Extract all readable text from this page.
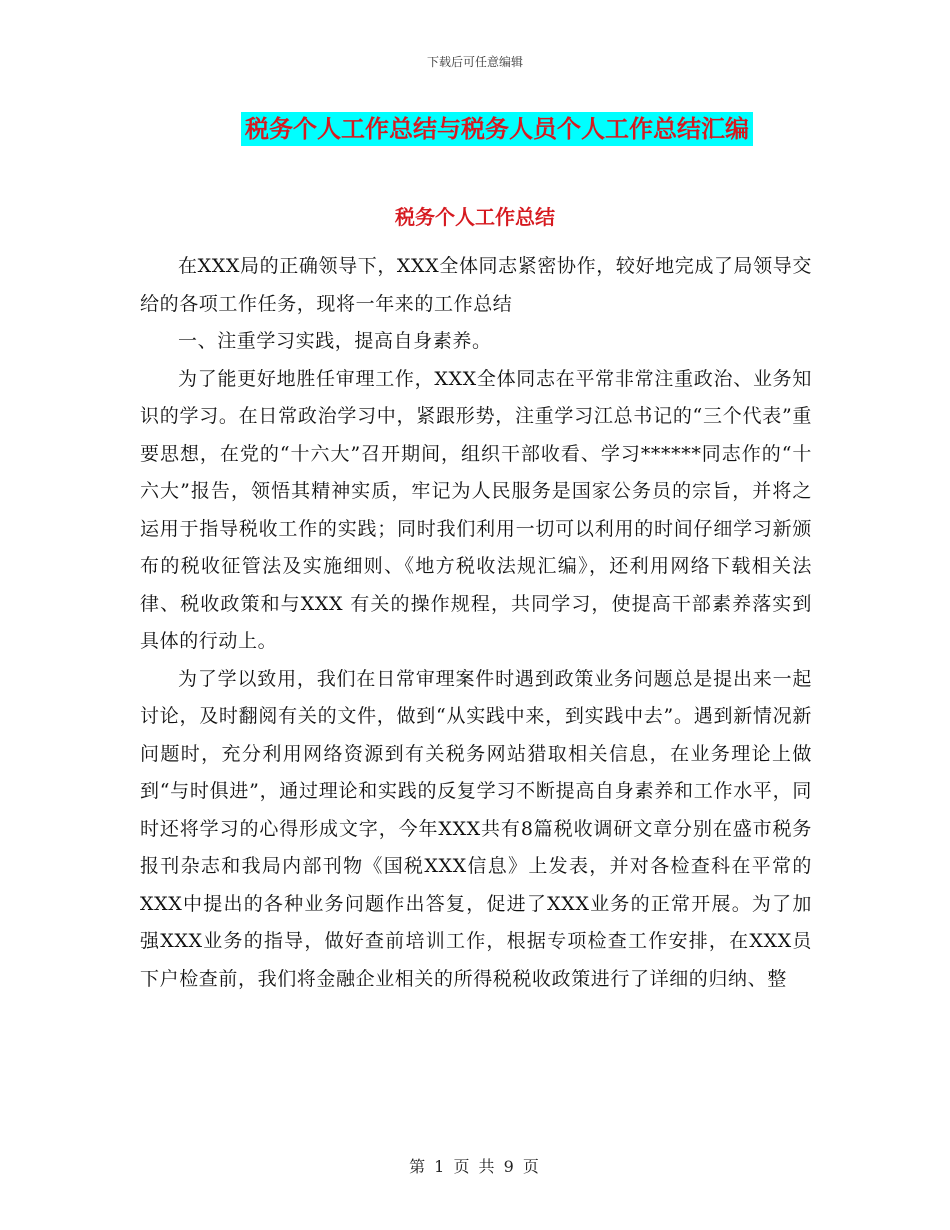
下载后可任意编辑
税务个人工作总结与税务人员个人工作总结汇编
税务个人工作总结

在XXX局的正确领导下，XXX全体同志紧密协作，较好地完成了局领导交给的各项工作任务，现将一年来的工作总结

一、注重学习实践，提高自身素养。

为了能更好地胜任审理工作，XXX全体同志在平常非常注重政治、业务知识的学习。在日常政治学习中，紧跟形势，注重学习江总书记的“三个代表”重要思想，在党的“十六大”召开期间，组织干部收看、学习******同志作的“十六大”报告，领悟其精神实质，牢记为人民服务是国家公务员的宗旨，并将之运用于指导税收工作的实践；同时我们利用一切可以利用的时间仔细学习新颁布的税收征管法及实施细则、《地方税收法规汇编》，还利用网络下载相关法律、税收政策和与XXX 有关的操作规程，共同学习，使提高干部素养落实到具体的行动上。

为了学以致用，我们在日常审理案件时遇到政策业务问题总是提出来一起讨论，及时翻阅有关的文件，做到“从实践中来，到实践中去”。遇到新情况新问题时，充分利用网络资源到有关税务网站猎取相关信息，在业务理论上做到“与时俱进”，通过理论和实践的反复学习不断提高自身素养和工作水平，同时还将学习的心得形成文字，今年XXX共有8篇税收调研文章分别在盛市税务报刊杂志和我局内部刊物《国税XXX信息》上发表，并对各检查科在平常的XXX中提出的各种业务问题作出答复，促进了XXX业务的正常开展。为了加强XXX业务的指导，做好查前培训工作，根据专项检查工作安排，在XXX员下户检查前，我们将金融企业相关的所得税税收政策进行了详细的归纳、整

第 1 页 共 9 页
